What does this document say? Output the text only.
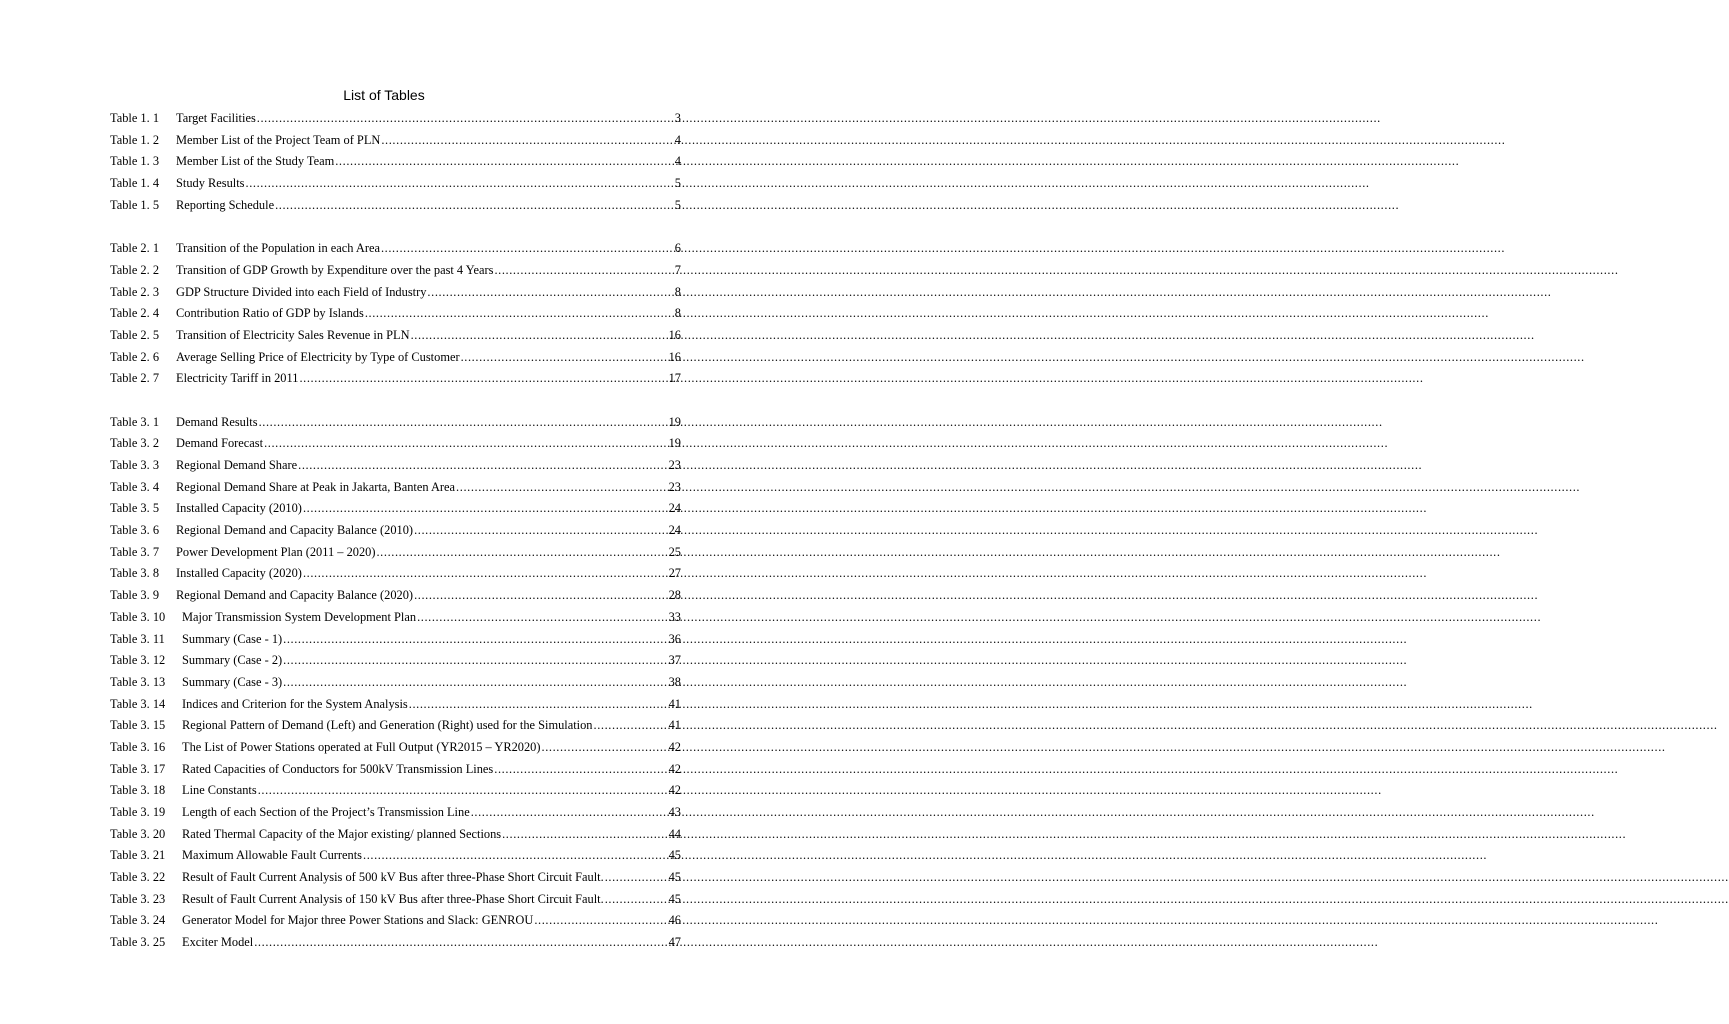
List of Tables
Table 1. 1	Target Facilities .....	3
Table 1. 2	Member List of the Project Team of PLN .....	4
Table 1. 3	Member List of the Study Team .....	4
Table 1. 4	Study Results .....	5
Table 1. 5	Reporting Schedule .....	5
Table 2. 1	Transition of the Population in each Area .....	6
Table 2. 2	Transition of GDP Growth by Expenditure over the past 4 Years .....	7
Table 2. 3	GDP Structure Divided into each Field of Industry .....	8
Table 2. 4	Contribution Ratio of GDP by Islands .....	8
Table 2. 5	Transition of Electricity Sales Revenue in PLN .....	16
Table 2. 6	Average Selling Price of Electricity by Type of Customer .....	16
Table 2. 7	Electricity Tariff in 2011 .....	17
Table 3. 1	Demand Results .....	19
Table 3. 2	Demand Forecast .....	19
Table 3. 3	Regional Demand Share .....	23
Table 3. 4	Regional Demand Share at Peak in Jakarta, Banten Area .....	23
Table 3. 5	Installed Capacity (2010) .....	24
Table 3. 6	Regional Demand and Capacity Balance (2010) .....	24
Table 3. 7	Power Development Plan (2011 – 2020) .....	25
Table 3. 8	Installed Capacity (2020) .....	27
Table 3. 9	Regional Demand and Capacity Balance (2020) .....	28
Table 3. 10	Major Transmission System Development Plan .....	33
Table 3. 11	Summary (Case - 1) .....	36
Table 3. 12	Summary (Case - 2) .....	37
Table 3. 13	Summary (Case - 3) .....	38
Table 3. 14	Indices and Criterion for the System Analysis .....	41
Table 3. 15	Regional Pattern of Demand (Left) and Generation (Right) used for the Simulation .....	41
Table 3. 16	The List of Power Stations operated at Full Output (YR2015 – YR2020) .....	42
Table 3. 17	Rated Capacities of Conductors for 500kV Transmission Lines .....	42
Table 3. 18	Line Constants .....	42
Table 3. 19	Length of each Section of the Project’s Transmission Line .....	43
Table 3. 20	Rated Thermal Capacity of the Major existing/ planned Sections .....	44
Table 3. 21	Maximum Allowable Fault Currents .....	45
Table 3. 22	Result of Fault Current Analysis of 500 kV Bus after three-Phase Short Circuit Fault. .....	45
Table 3. 23	Result of Fault Current Analysis of 150 kV Bus after three-Phase Short Circuit Fault. .....	45
Table 3. 24	Generator Model for Major three Power Stations and Slack: GENROU .....	46
Table 3. 25	Exciter Model .....	47
